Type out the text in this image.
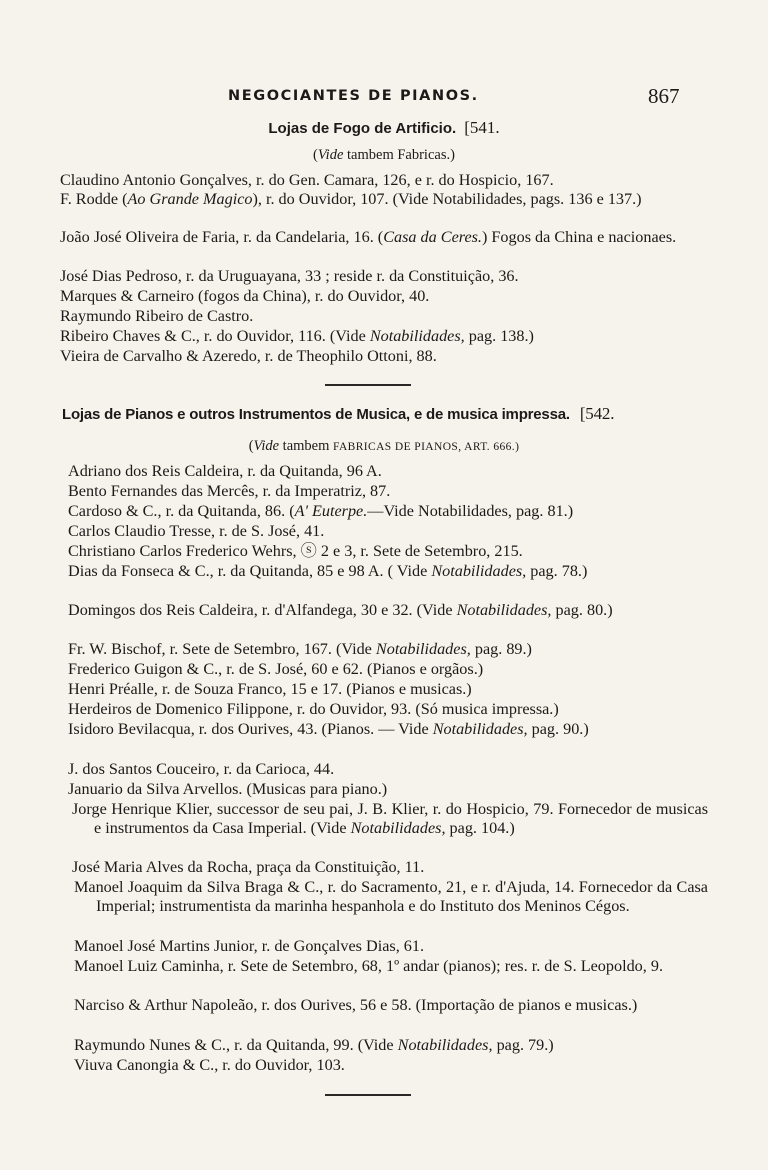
NEGOCIANTES DE PIANOS.	867
Lojas de Fogo de Artificio. [541.
(Vide tambem Fabricas.)
Claudino Antonio Gonçalves, r. do Gen. Camara, 126, e r. do Hospicio, 167.
F. Rodde (Ao Grande Magico), r. do Ouvidor, 107. (Vide Notabilidades, pags. 136 e 137.)
João José Oliveira de Faria, r. da Candelaria, 16. (Casa da Ceres.) Fogos da China e nacionaes.
José Dias Pedroso, r. da Uruguayana, 33 ; reside r. da Constituição, 36.
Marques & Carneiro (fogos da China), r. do Ouvidor, 40.
Raymundo Ribeiro de Castro.
Ribeiro Chaves & C., r. do Ouvidor, 116. (Vide Notabilidades, pag. 138.)
Vieira de Carvalho & Azeredo, r. de Theophilo Ottoni, 88.
Lojas de Pianos e outros Instrumentos de Musica, e de musica impressa. [542.
(Vide tambem FABRICAS DE PIANOS, ART. 666.)
Adriano dos Reis Caldeira, r. da Quitanda, 96 A.
Bento Fernandes das Mercês, r. da Imperatriz, 87.
Cardoso & C., r. da Quitanda, 86. (A' Euterpe.—Vide Notabilidades, pag. 81.)
Carlos Claudio Tresse, r. de S. José, 41.
Christiano Carlos Frederico Wehrs, ⓢ 2 e 3, r. Sete de Setembro, 215.
Dias da Fonseca & C., r. da Quitanda, 85 e 98 A. ( Vide Notabilidades, pag. 78.)
Domingos dos Reis Caldeira, r. d'Alfandega, 30 e 32. (Vide Notabilidades, pag. 80.)
Fr. W. Bischof, r. Sete de Setembro, 167. (Vide Notabilidades, pag. 89.)
Frederico Guigon & C., r. de S. José, 60 e 62. (Pianos e orgãos.)
Henri Préalle, r. de Souza Franco, 15 e 17. (Pianos e musicas.)
Herdeiros de Domenico Filippone, r. do Ouvidor, 93. (Só musica impressa.)
Isidoro Bevilacqua, r. dos Ourives, 43. (Pianos. — Vide Notabilidades, pag. 90.)
J. dos Santos Couceiro, r. da Carioca, 44.
Januario da Silva Arvellos. (Musicas para piano.)
Jorge Henrique Klier, successor de seu pai, J. B. Klier, r. do Hospicio, 79. Fornecedor de musicas e instrumentos da Casa Imperial. (Vide Notabilidades, pag. 104.)
José Maria Alves da Rocha, praça da Constituição, 11.
Manoel Joaquim da Silva Braga & C., r. do Sacramento, 21, e r. d'Ajuda, 14. Fornecedor da Casa Imperial; instrumentista da marinha hespanhola e do Instituto dos Meninos Cégos.
Manoel José Martins Junior, r. de Gonçalves Dias, 61.
Manoel Luiz Caminha, r. Sete de Setembro, 68, 1º andar (pianos); res. r. de S. Leopoldo, 9.
Narciso & Arthur Napoleão, r. dos Ourives, 56 e 58. (Importação de pianos e musicas.)
Raymundo Nunes & C., r. da Quitanda, 99. (Vide Notabilidades, pag. 79.)
Viuva Canongia & C., r. do Ouvidor, 103.
